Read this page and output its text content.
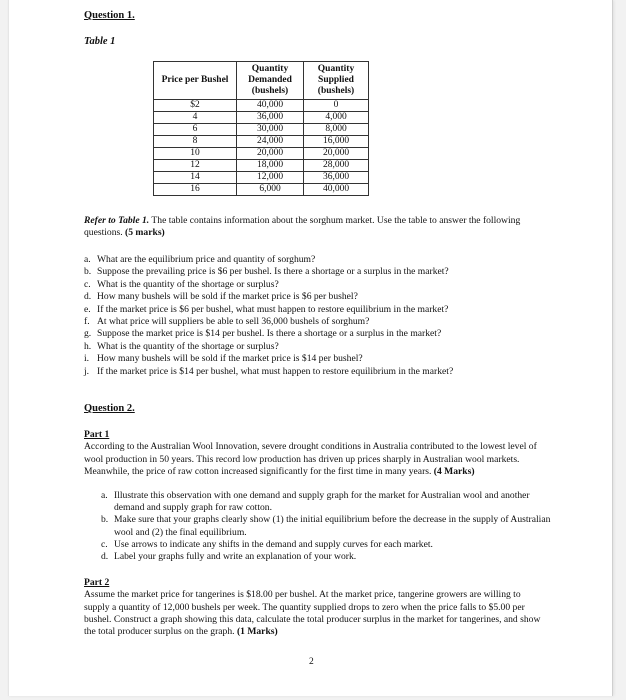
Question 1.
Table 1
Price per Bushel	Quantity Demanded (bushels)	Quantity Supplied (bushels)
$2	40,000	0
4	36,000	4,000
6	30,000	8,000
8	24,000	16,000
10	20,000	20,000
12	18,000	28,000
14	12,000	36,000
16	6,000	40,000
Refer to Table 1. The table contains information about the sorghum market. Use the table to answer the following questions. (5 marks)
a. What are the equilibrium price and quantity of sorghum?
b. Suppose the prevailing price is $6 per bushel. Is there a shortage or a surplus in the market?
c. What is the quantity of the shortage or surplus?
d. How many bushels will be sold if the market price is $6 per bushel?
e. If the market price is $6 per bushel, what must happen to restore equilibrium in the market?
f. At what price will suppliers be able to sell 36,000 bushels of sorghum?
g. Suppose the market price is $14 per bushel. Is there a shortage or a surplus in the market?
h. What is the quantity of the shortage or surplus?
i. How many bushels will be sold if the market price is $14 per bushel?
j. If the market price is $14 per bushel, what must happen to restore equilibrium in the market?
Question 2.
Part 1
According to the Australian Wool Innovation, severe drought conditions in Australia contributed to the lowest level of wool production in 50 years. This record low production has driven up prices sharply in Australian wool markets. Meanwhile, the price of raw cotton increased significantly for the first time in many years. (4 Marks)
a. Illustrate this observation with one demand and supply graph for the market for Australian wool and another demand and supply graph for raw cotton.
b. Make sure that your graphs clearly show (1) the initial equilibrium before the decrease in the supply of Australian wool and (2) the final equilibrium.
c. Use arrows to indicate any shifts in the demand and supply curves for each market.
d. Label your graphs fully and write an explanation of your work.
Part 2
Assume the market price for tangerines is $18.00 per bushel. At the market price, tangerine growers are willing to supply a quantity of 12,000 bushels per week. The quantity supplied drops to zero when the price falls to $5.00 per bushel. Construct a graph showing this data, calculate the total producer surplus in the market for tangerines, and show the total producer surplus on the graph. (1 Marks)
2
